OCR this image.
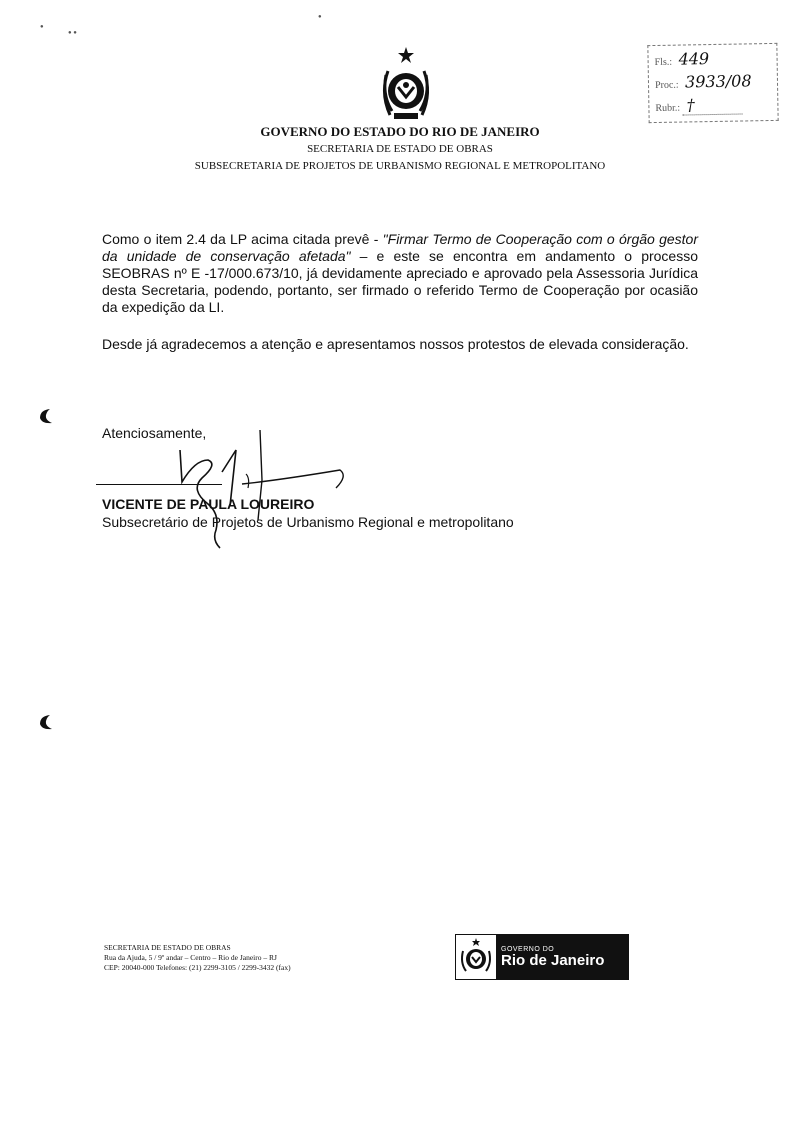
●
● ●
●
Fls.: 449
Proc.: 3933/08
Rubr.: †
GOVERNO DO ESTADO DO RIO DE JANEIRO
SECRETARIA DE ESTADO DE OBRAS
SUBSECRETARIA DE PROJETOS DE URBANISMO REGIONAL E METROPOLITANO
Como o item 2.4 da LP acima citada prevê - "Firmar Termo de Cooperação com o órgão gestor da unidade de conservação afetada" – e este se encontra em andamento o processo SEOBRAS nº E -17/000.673/10, já devidamente apreciado e aprovado pela Assessoria Jurídica desta Secretaria, podendo, portanto, ser firmado o referido Termo de Cooperação por ocasião da expedição da LI.
Desde já agradecemos a atenção e apresentamos nossos protestos de elevada consideração.
Atenciosamente,
VICENTE DE PAULA LOUREIRO
Subsecretário de Projetos de Urbanismo Regional e metropolitano
SECRETARIA DE ESTADO DE OBRAS
Rua da Ajuda, 5 / 9º andar – Centro – Rio de Janeiro – RJ
CEP: 20040-000 Telefones: (21) 2299-3105 / 2299-3432 (fax)
GOVERNO DO
Rio de Janeiro
